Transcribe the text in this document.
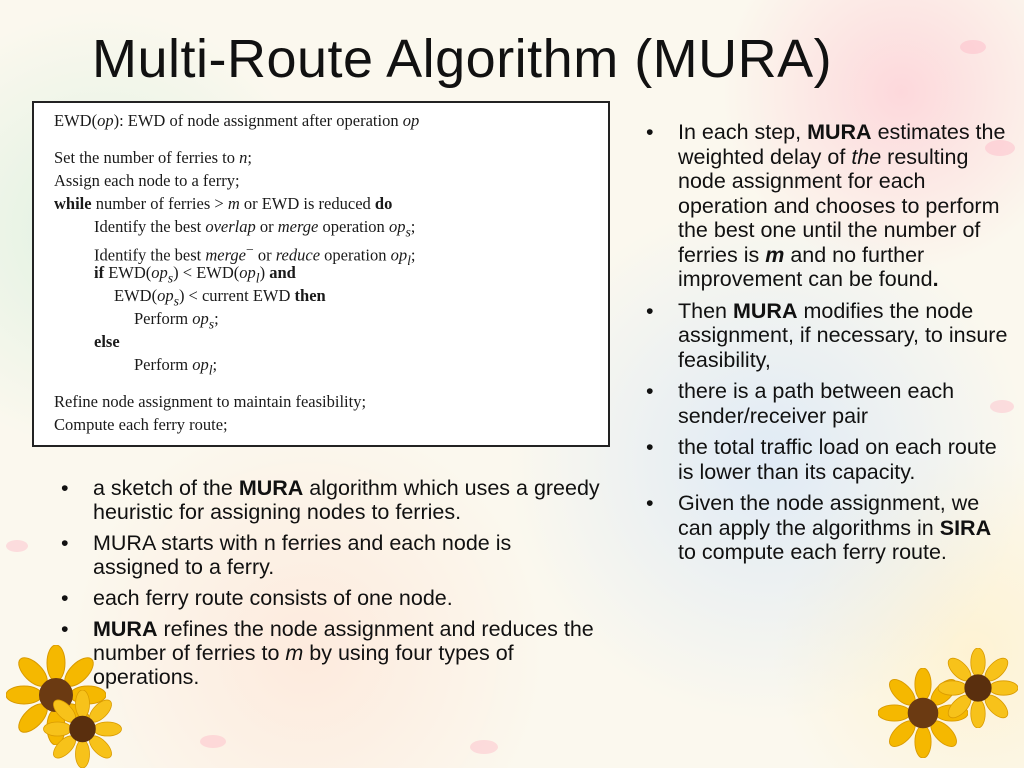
Multi-Route Algorithm (MURA)
EWD(op): EWD of node assignment after operation op
Set the number of ferries to n;
Assign each node to a ferry;
while number of ferries > m or EWD is reduced do
Identify the best overlap or merge operation $op_s$;
Identify the best merge− or reduce operation $op_l$;
if $EWD(op_s) < EWD(op_l)$ and
$EWD(op_s)$ < current EWD then
Perform $op_s$;
else
Perform $op_l$;
Refine node assignment to maintain feasibility;
Compute each ferry route;
• a sketch of the MURA algorithm which uses a greedy heuristic for assigning nodes to ferries.
• MURA starts with n ferries and each node is assigned to a ferry.
• each ferry route consists of one node.
• MURA refines the node assignment and reduces the number of ferries to m by using four types of operations.
• In each step, MURA estimates the weighted delay of the resulting node assignment for each operation and chooses to perform the best one until the number of ferries is m and no further improvement can be found.
• Then MURA modifies the node assignment, if necessary, to insure feasibility,
• there is a path between each sender/receiver pair
• the total traffic load on each route is lower than its capacity.
• Given the node assignment, we can apply the algorithms in SIRA to compute each ferry route.
